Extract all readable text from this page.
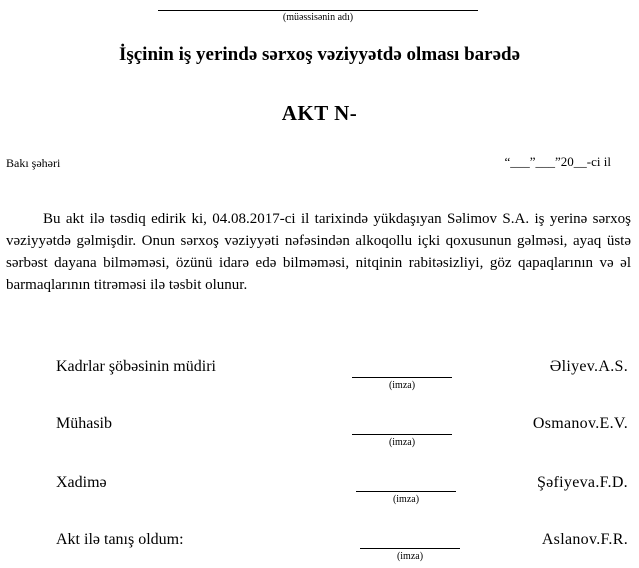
(müəssisənin adı)
İşçinin iş yerində sərxoş vəziyyətdə olması barədə
AKT N-
Bakı şəhəri	“___”___”20__-ci il

Bu akt ilə təsdiq edirik ki, 04.08.2017-ci il tarixində yükdaşıyan Səlimov S.A. iş yerinə sərxoş vəziyyətdə gəlmişdir. Onun sərxoş vəziyyəti nəfəsindən alkoqollu içki qoxusunun gəlməsi, ayaq üstə sərbəst dayana bilməməsi, özünü idarə edə bilməməsi, nitqinin rabitəsizliyi, göz qapaqlarının və əl barmaqlarının titrəməsi ilə təsbit olunur.

Kadrlar şöbəsinin müdiri
(imza)
Əliyev.A.S.
Mühasib
(imza)
Osmanov.E.V.
Xadimə
(imza)
Şəfiyeva.F.D.
Akt ilə tanış oldum:
(imza)
Aslanov.F.R.
